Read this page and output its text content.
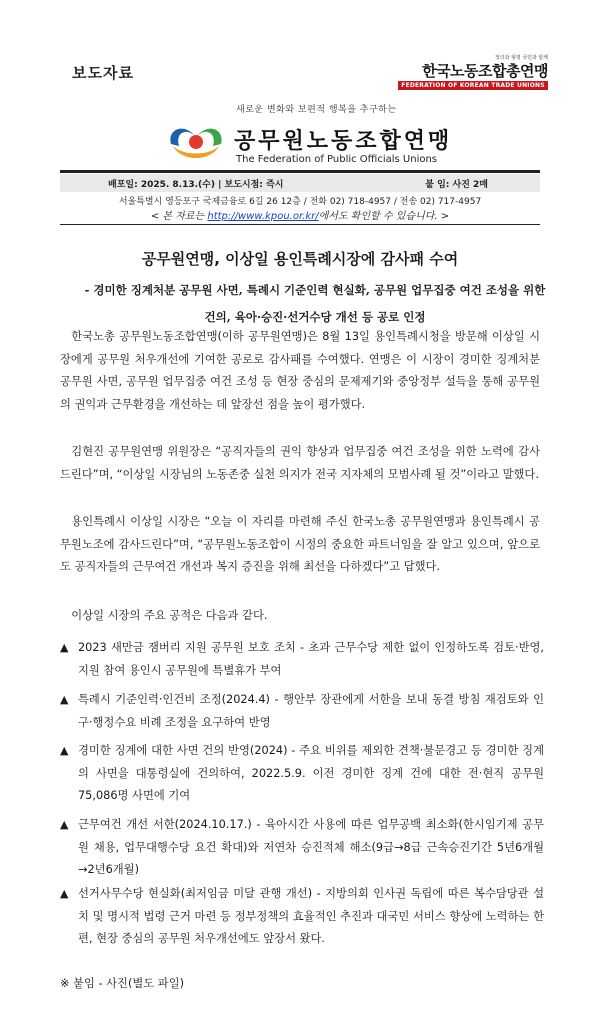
보도자료
정의와 형평 국민과 함께
한국노동조합총연맹
FEDERATION OF KOREAN TRADE UNIONS
새로운 변화와 보편적 행복을 추구하는
공무원노동조합연맹
The Federation of Public Officials Unions
배포일: 2025. 8.13.(수) | 보도시점: 즉시	붙 임: 사진 2매
서울특별시 영등포구 국제금융로 6길 26 12층 / 전화 02) 718-4957 / 전송 02) 717-4957
< 본 자료는 http://www.kpou.or.kr/에서도 확인할 수 있습니다. >
공무원연맹, 이상일 용인특례시장에 감사패 수여
- 경미한 징계처분 공무원 사면, 특례시 기준인력 현실화, 공무원 업무집중 여건 조성을 위한 건의, 육아·승진·선거수당 개선 등 공로 인정
한국노총 공무원노동조합연맹(이하 공무원연맹)은 8월 13일 용인특례시청을 방문해 이상일 시장에게 공무원 처우개선에 기여한 공로로 감사패를 수여했다. 연맹은 이 시장이 경미한 징계처분 공무원 사면, 공무원 업무집중 여건 조성 등 현장 중심의 문제제기와 중앙정부 설득을 통해 공무원의 권익과 근무환경을 개선하는 데 앞장선 점을 높이 평가했다.
김현진 공무원연맹 위원장은 “공직자들의 권익 향상과 업무집중 여건 조성을 위한 노력에 감사드린다”며, “이상일 시장님의 노동존중 실천 의지가 전국 지자체의 모범사례 될 것”이라고 말했다.
용인특례시 이상일 시장은 “오늘 이 자리를 마련해 주신 한국노총 공무원연맹과 용인특례시 공무원노조에 감사드린다”며, “공무원노동조합이 시정의 중요한 파트너임을 잘 알고 있으며, 앞으로도 공직자들의 근무여건 개선과 복지 증진을 위해 최선을 다하겠다”고 답했다.
이상일 시장의 주요 공적은 다음과 같다.
▲ 2023 새만금 잼버리 지원 공무원 보호 조치 - 초과 근무수당 제한 없이 인정하도록 검토·반영, 지원 참여 용인시 공무원에 특별휴가 부여
▲ 특례시 기준인력·인건비 조정(2024.4) - 행안부 장관에게 서한을 보내 동결 방침 재검토와 인구·행정수요 비례 조정을 요구하여 반영
▲ 경미한 징계에 대한 사면 건의 반영(2024) - 주요 비위를 제외한 견책·불문경고 등 경미한 징계의 사면을 대통령실에 건의하여, 2022.5.9. 이전 경미한 징계 건에 대한 전·현직 공무원 75,086명 사면에 기여
▲ 근무여건 개선 서한(2024.10.17.) - 육아시간 사용에 따른 업무공백 최소화(한시임기제 공무원 채용, 업무대행수당 요건 확대)와 저연차 승진적체 해소(9급→8급 근속승진기간 5년6개월→2년6개월)
▲ 선거사무수당 현실화(최저임금 미달 관행 개선) - 지방의회 인사권 독립에 따른 복수담당관 설치 및 명시적 법령 근거 마련 등 정부정책의 효율적인 추진과 대국민 서비스 향상에 노력하는 한편, 현장 중심의 공무원 처우개선에도 앞장서 왔다.
※ 붙임 - 사진(별도 파일)
